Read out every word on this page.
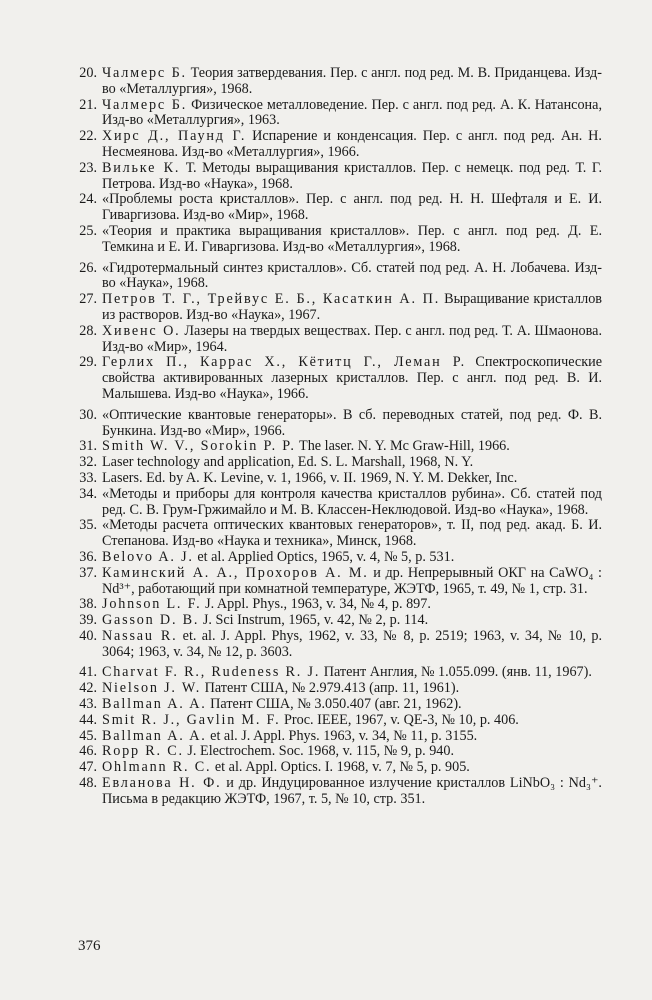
20. Чалмерс Б. Теория затвердевания. Пер. с англ. под ред. М. В. Приданцева. Изд-во «Металлургия», 1968.
21. Чалмерс Б. Физическое металловедение. Пер. с англ. под ред. А. К. Натансона, Изд-во «Металлургия», 1963.
22. Хирс Д., Паунд Г. Испарение и конденсация. Пер. с англ. под ред. Ан. Н. Несмеянова. Изд-во «Металлургия», 1966.
23. Вильке К. Т. Методы выращивания кристаллов. Пер. с немецк. под ред. Т. Г. Петрова. Изд-во «Наука», 1968.
24. «Проблемы роста кристаллов». Пер. с англ. под ред. Н. Н. Шефталя и Е. И. Гиваргизова. Изд-во «Мир», 1968.
25. «Теория и практика выращивания кристаллов». Пер. с англ. под ред. Д. Е. Темкина и Е. И. Гиваргизова. Изд-во «Металлургия», 1968.
26. «Гидротермальный синтез кристаллов». Сб. статей под ред. А. Н. Лобачева. Изд-во «Наука», 1968.
27. Петров Т. Г., Трейвус Е. Б., Касаткин А. П. Выращивание кристаллов из растворов. Изд-во «Наука», 1967.
28. Хивенс О. Лазеры на твердых веществах. Пер. с англ. под ред. Т. А. Шмаонова. Изд-во «Мир», 1964.
29. Герлих П., Каррас Х., Кётитц Г., Леман Р. Спектроскопические свойства активированных лазерных кристаллов. Пер. с англ. под ред. В. И. Малышева. Изд-во «Наука», 1966.
30. «Оптические квантовые генераторы». В сб. переводных статей, под ред. Ф. В. Бункина. Изд-во «Мир», 1966.
31. Smith W. V., Sorokin P. P. The laser. N. Y. Mc Graw-Hill, 1966.
32. Laser technology and application, Ed. S. L. Marshall, 1968, N. Y.
33. Lasers. Ed. by A. K. Levine, v. 1, 1966, v. II. 1969, N. Y. M. Dekker, Inc.
34. «Методы и приборы для контроля качества кристаллов рубина». Сб. статей под ред. С. В. Грум-Гржимайло и М. В. Классен-Неклюдовой. Изд-во «Наука», 1968.
35. «Методы расчета оптических квантовых генераторов», т. II, под ред. акад. Б. И. Степанова. Изд-во «Наука и техника», Минск, 1968.
36. Belovo A. J. et al. Applied Optics, 1965, v. 4, № 5, p. 531.
37. Каминский А. А., Прохоров А. М. и др. Непрерывный ОКГ на CaWO₄ : Nd³⁺, работающий при комнатной температуре, ЖЭТФ, 1965, т. 49, № 1, стр. 31.
38. Johnson L. F. J. Appl. Phys., 1963, v. 34, № 4, p. 897.
39. Gasson D. B. J. Sci Instrum, 1965, v. 42, № 2, p. 114.
40. Nassau R. et. al. J. Appl. Phys, 1962, v. 33, № 8, p. 2519; 1963, v. 34, № 10, p. 3064; 1963, v. 34, № 12, p. 3603.
41. Charvat F. R., Rudeness R. J. Патент Англия, № 1.055.099. (янв. 11, 1967).
42. Nielson J. W. Патент США, № 2.979.413 (апр. 11, 1961).
43. Ballman A. A. Патент США, № 3.050.407 (авг. 21, 1962).
44. Smit R. J., Gavlin M. F. Proc. IEEE, 1967, v. QE-3, № 10, p. 406.
45. Ballman A. A. et al. J. Appl. Phys. 1963, v. 34, № 11, p. 3155.
46. Ropp R. C. J. Electrochem. Soc. 1968, v. 115, № 9, p. 940.
47. Ohlmann R. C. et al. Appl. Optics. I. 1968, v. 7, № 5, p. 905.
48. Евланова Н. Ф. и др. Индуцированное излучение кристаллов LiNbO₃ : Nd₃⁺. Письма в редакцию ЖЭТФ, 1967, т. 5, № 10, стр. 351.
376
